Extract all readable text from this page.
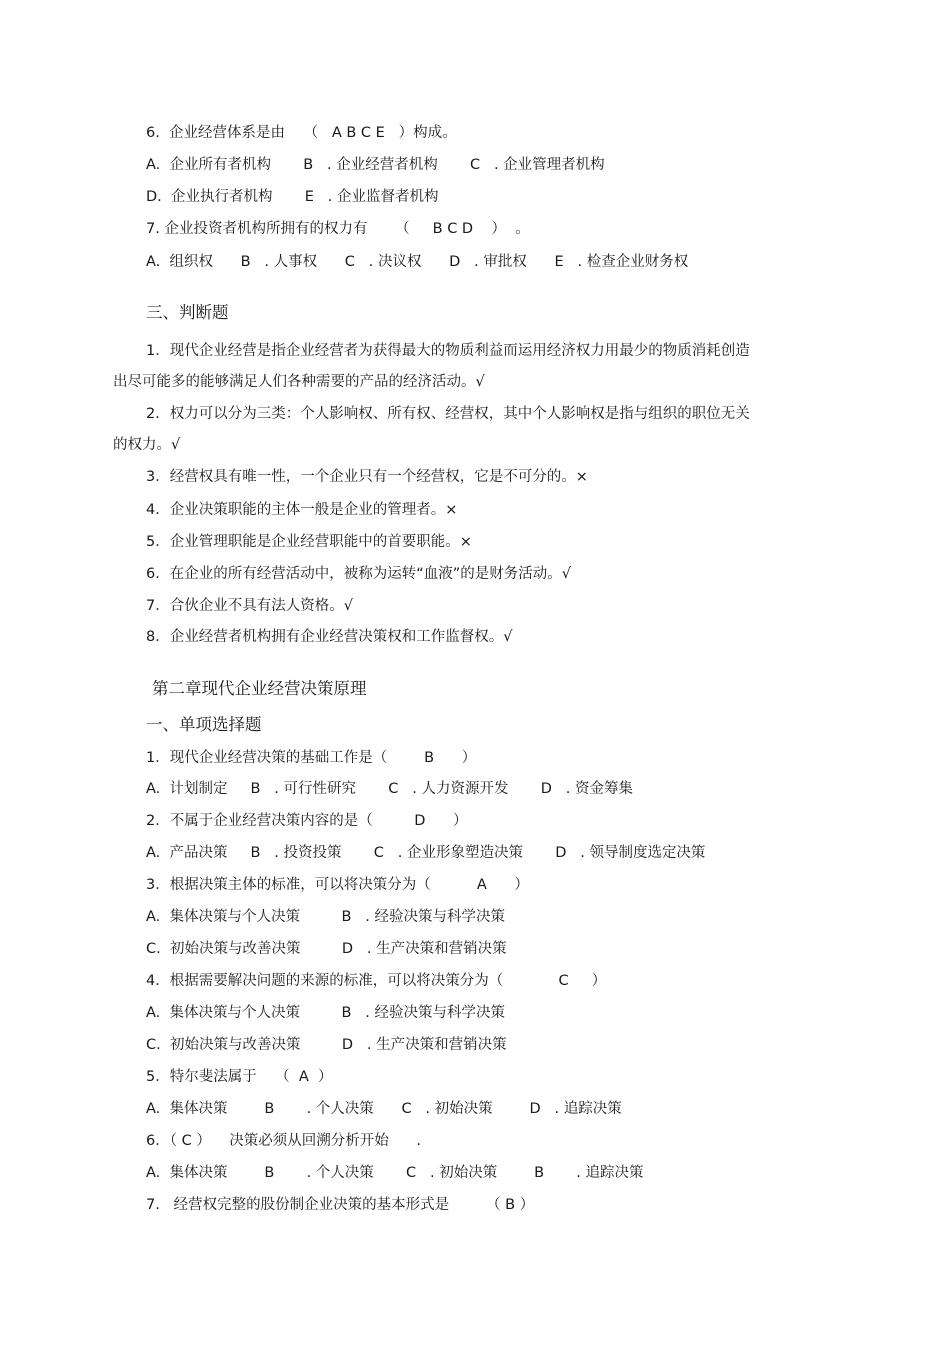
6.  企业经营体系是由    （   A B C E   ）构成。
A.  企业所有者机构       B   . 企业经营者机构       C   . 企业管理者机构
D.  企业执行者机构       E   . 企业监督者机构
7. 企业投资者机构所拥有的权力有      （     B C D    ）  。
A.  组织权      B   . 人事权      C   . 决议权      D   . 审批权      E   . 检查企业财务权
三、判断题
1．现代企业经营是指企业经营者为获得最大的物质利益而运用经济权力用最少的物质消耗创造
出尽可能多的能够满足人们各种需要的产品的经济活动。√
2．权力可以分为三类：个人影响权、所有权、经营权，其中个人影响权是指与组织的职位无关
的权力。√
3．经营权具有唯一性，一个企业只有一个经营权，它是不可分的。×
4．企业决策职能的主体一般是企业的管理者。×
5．企业管理职能是企业经营职能中的首要职能。×
6．在企业的所有经营活动中，被称为运转“血液”的是财务活动。√
7．合伙企业不具有法人资格。√
8．企业经营者机构拥有企业经营决策权和工作监督权。√
第二章现代企业经营决策原理
一、单项选择题
1．现代企业经营决策的基础工作是（        B      ）
A.  计划制定     B   . 可行性研究       C   . 人力资源开发       D   . 资金筹集
2．不属于企业经营决策内容的是（         D      ）
A.  产品决策     B   . 投资投策       C   . 企业形象塑造决策       D   . 领导制度选定决策
3．根据决策主体的标准，可以将决策分为（          A      ）
A.  集体决策与个人决策         B   . 经验决策与科学决策
C.  初始决策与改善决策         D   . 生产决策和营销决策
4．根据需要解决问题的来源的标准，可以将决策分为（            C     ）
A.  集体决策与个人决策         B   . 经验决策与科学决策
C.  初始决策与改善决策         D   . 生产决策和营销决策
5．特尔斐法属于    （  A  ）
A.  集体决策        B       . 个人决策      C   . 初始决策        D   . 追踪决策
6．（ C ）    决策必须从回溯分析开始      .
A.  集体决策        B       . 个人决策       C   . 初始决策        B       . 追踪决策
7.   经营权完整的股份制企业决策的基本形式是        （ B ）
